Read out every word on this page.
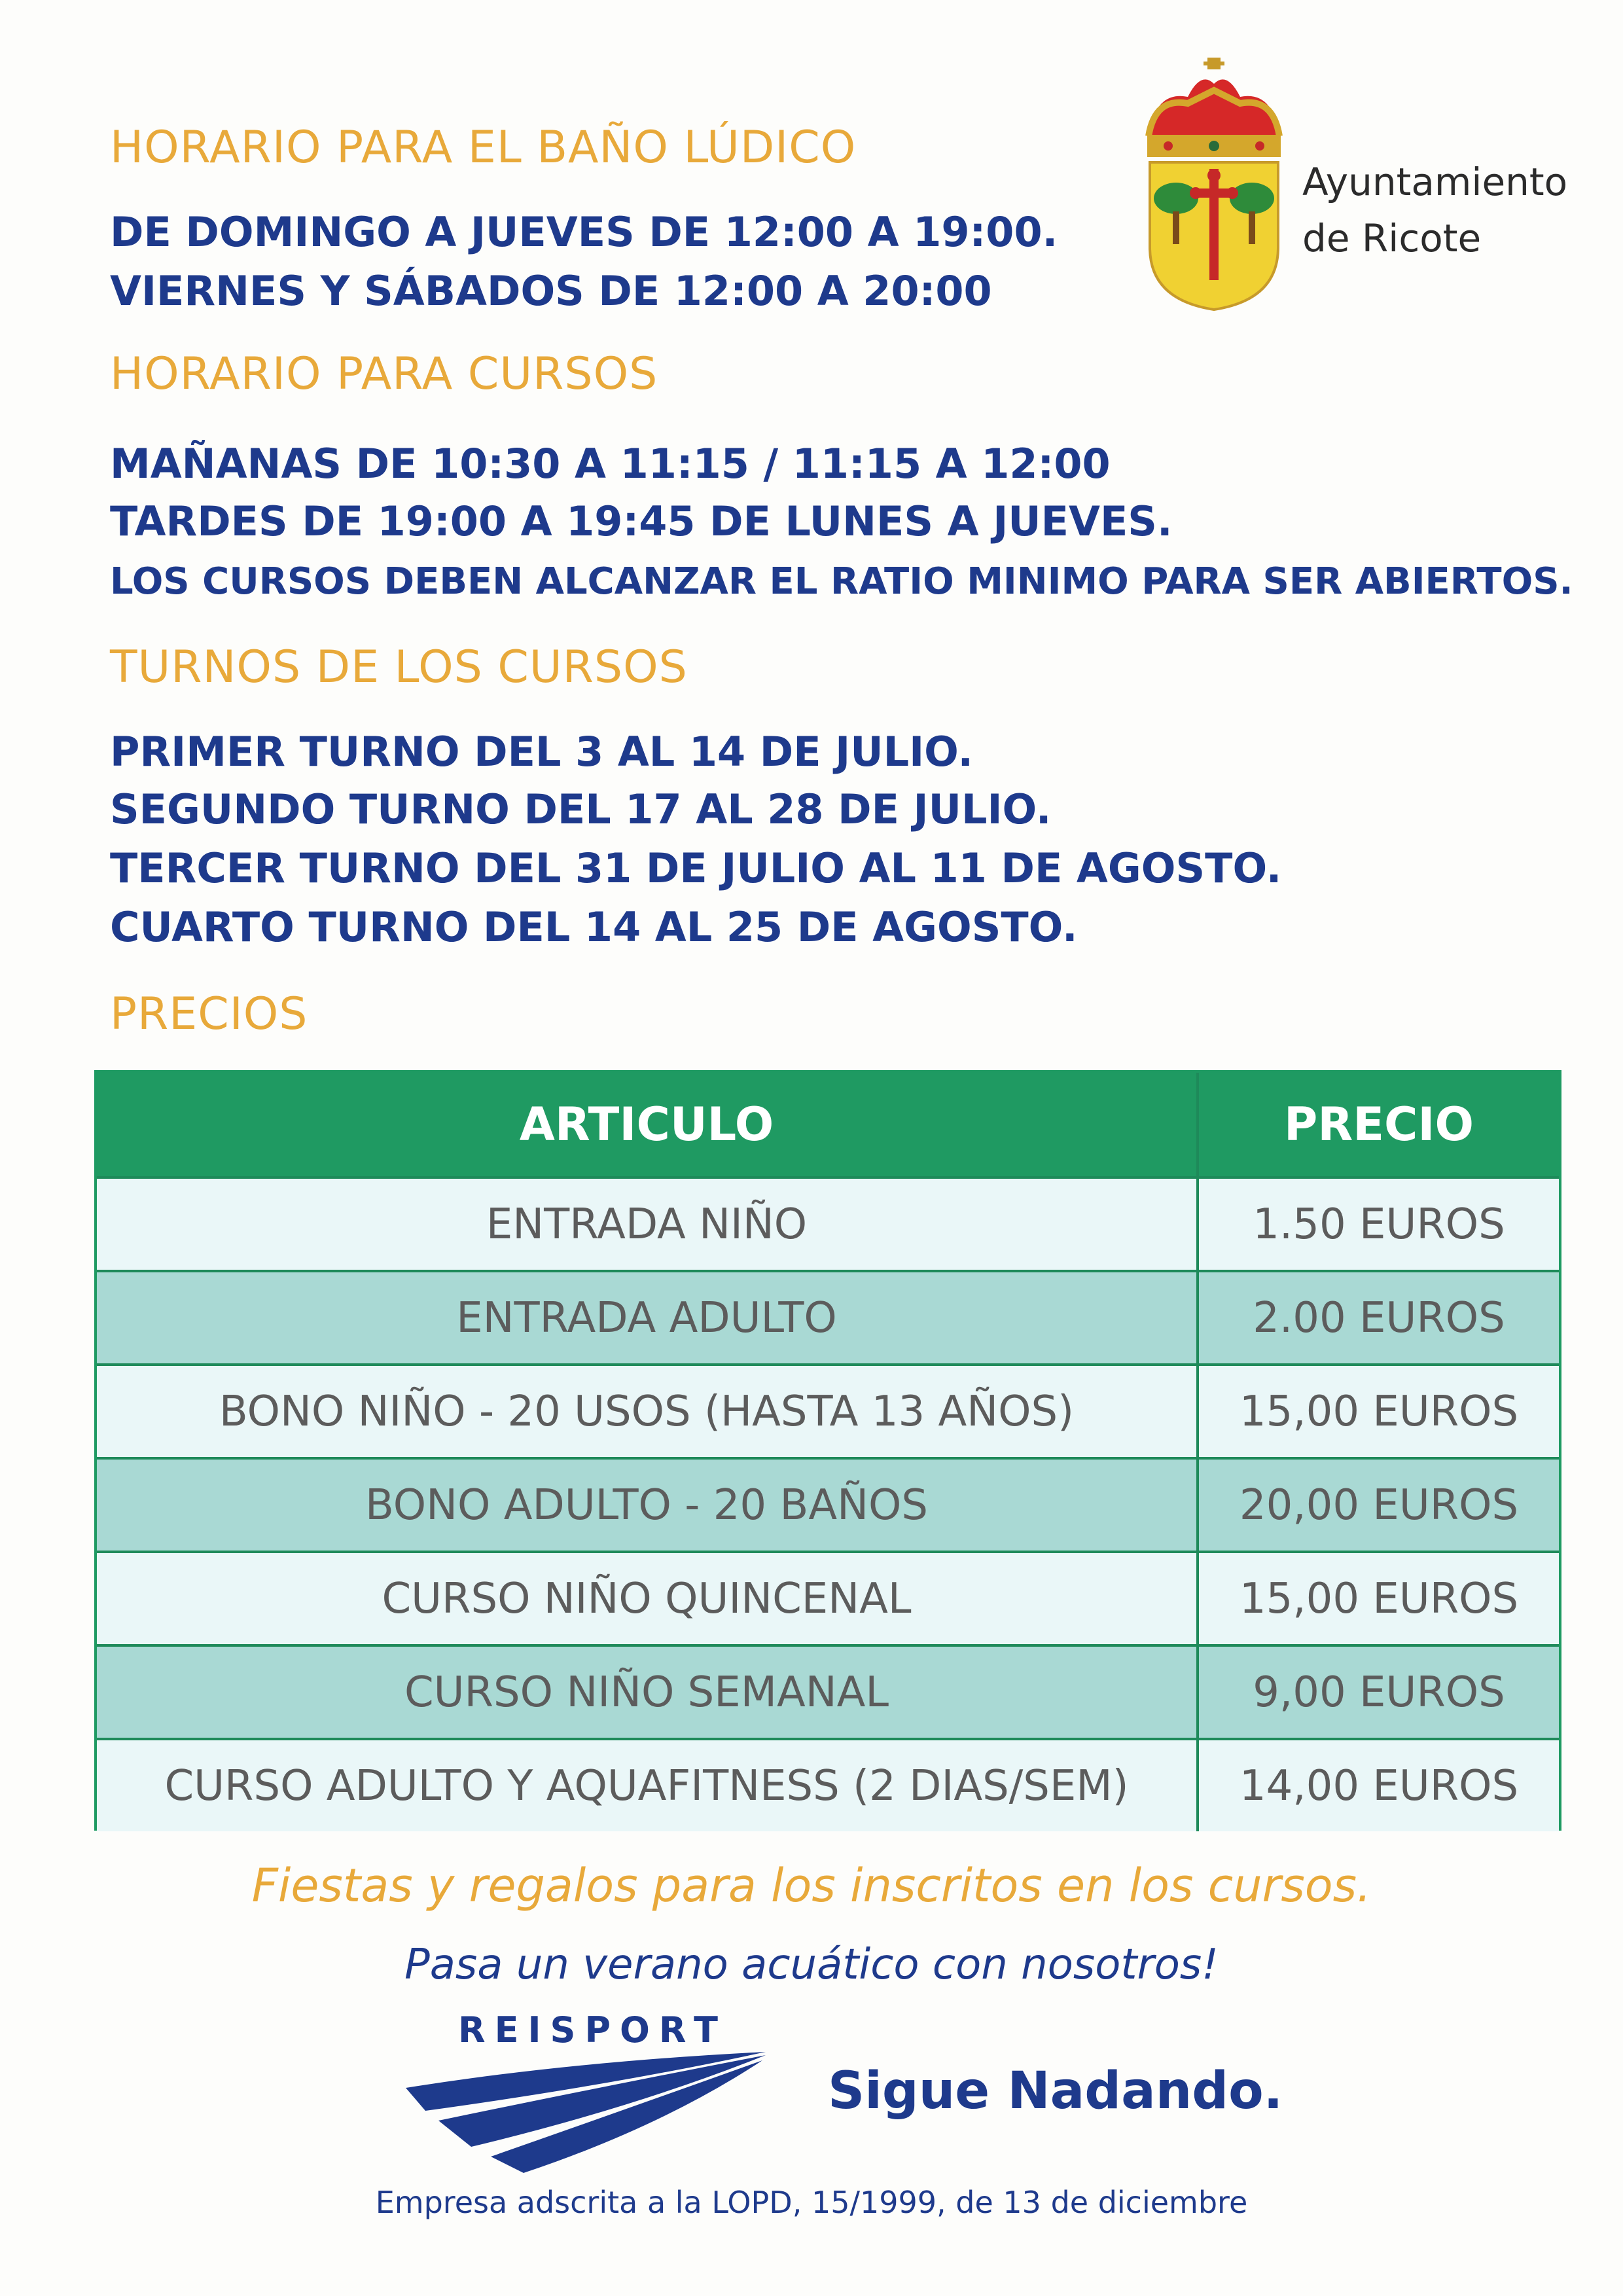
Ayuntamiento
de Ricote
HORARIO PARA EL BAÑO LÚDICO

DE DOMINGO A JUEVES DE 12:00 A 19:00.

VIERNES Y SÁBADOS DE 12:00 A 20:00

HORARIO PARA CURSOS

MAÑANAS DE 10:30 A 11:15 / 11:15 A 12:00

TARDES DE 19:00 A 19:45 DE LUNES A JUEVES.

LOS CURSOS DEBEN ALCANZAR EL RATIO MINIMO PARA SER ABIERTOS.

TURNOS DE LOS CURSOS

PRIMER TURNO DEL 3 AL 14 DE JULIO.

SEGUNDO TURNO DEL 17 AL 28 DE JULIO.

TERCER TURNO DEL 31 DE JULIO AL 11 DE AGOSTO.

CUARTO TURNO DEL 14 AL 25 DE AGOSTO.

PRECIOS
ARTICULO	PRECIO
ENTRADA NIÑO	1.50 EUROS
ENTRADA ADULTO	2.00 EUROS
BONO NIÑO - 20 USOS (HASTA 13 AÑOS)	15,00 EUROS
BONO ADULTO - 20 BAÑOS	20,00 EUROS
CURSO NIÑO QUINCENAL	15,00 EUROS
CURSO NIÑO SEMANAL	9,00 EUROS
CURSO ADULTO Y AQUAFITNESS (2 DIAS/SEM)	14,00 EUROS
Fiestas y regalos para los inscritos en los cursos.
Pasa un verano acuático con nosotros!
REISPORT
Sigue Nadando.
Empresa adscrita a la LOPD, 15/1999, de 13 de diciembre
